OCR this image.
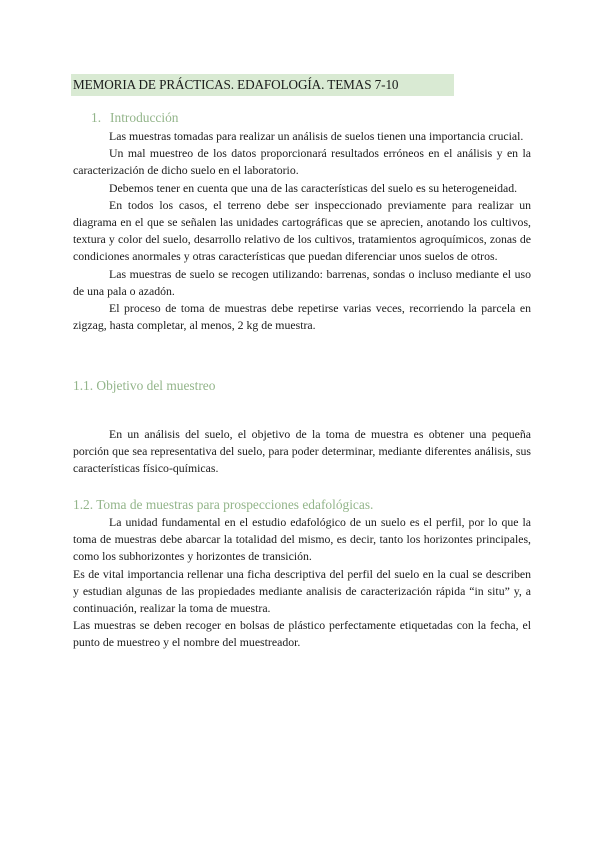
MEMORIA DE PRÁCTICAS. EDAFOLOGÍA. TEMAS 7-10
1. Introducción

Las muestras tomadas para realizar un análisis de suelos tienen una importancia crucial.

Un mal muestreo de los datos proporcionará resultados erróneos en el análisis y en la caracterización de dicho suelo en el laboratorio.

Debemos tener en cuenta que una de las características del suelo es su heterogeneidad.

En todos los casos, el terreno debe ser inspeccionado previamente para realizar un diagrama en el que se señalen las unidades cartográficas que se aprecien, anotando los cultivos, textura y color del suelo, desarrollo relativo de los cultivos, tratamientos agroquímicos, zonas de condiciones anormales y otras características que puedan diferenciar unos suelos de otros.

Las muestras de suelo se recogen utilizando: barrenas, sondas o incluso mediante el uso de una pala o azadón.

El proceso de toma de muestras debe repetirse varias veces, recorriendo la parcela en zigzag, hasta completar, al menos, 2 kg de muestra.

1.1. Objetivo del muestreo

En un análisis del suelo, el objetivo de la toma de muestra es obtener una pequeña porción que sea representativa del suelo, para poder determinar, mediante diferentes análisis, sus características físico-químicas.

1.2. Toma de muestras para prospecciones edafológicas.

La unidad fundamental en el estudio edafológico de un suelo es el perfil, por lo que la toma de muestras debe abarcar la totalidad del mismo, es decir, tanto los horizontes principales, como los subhorizontes y horizontes de transición.

Es de vital importancia rellenar una ficha descriptiva del perfil del suelo en la cual se describen y estudian algunas de las propiedades mediante analisis de caracterización rápida “in situ” y, a continuación, realizar la toma de muestra.

Las muestras se deben recoger en bolsas de plástico perfectamente etiquetadas con la fecha, el punto de muestreo y el nombre del muestreador.
